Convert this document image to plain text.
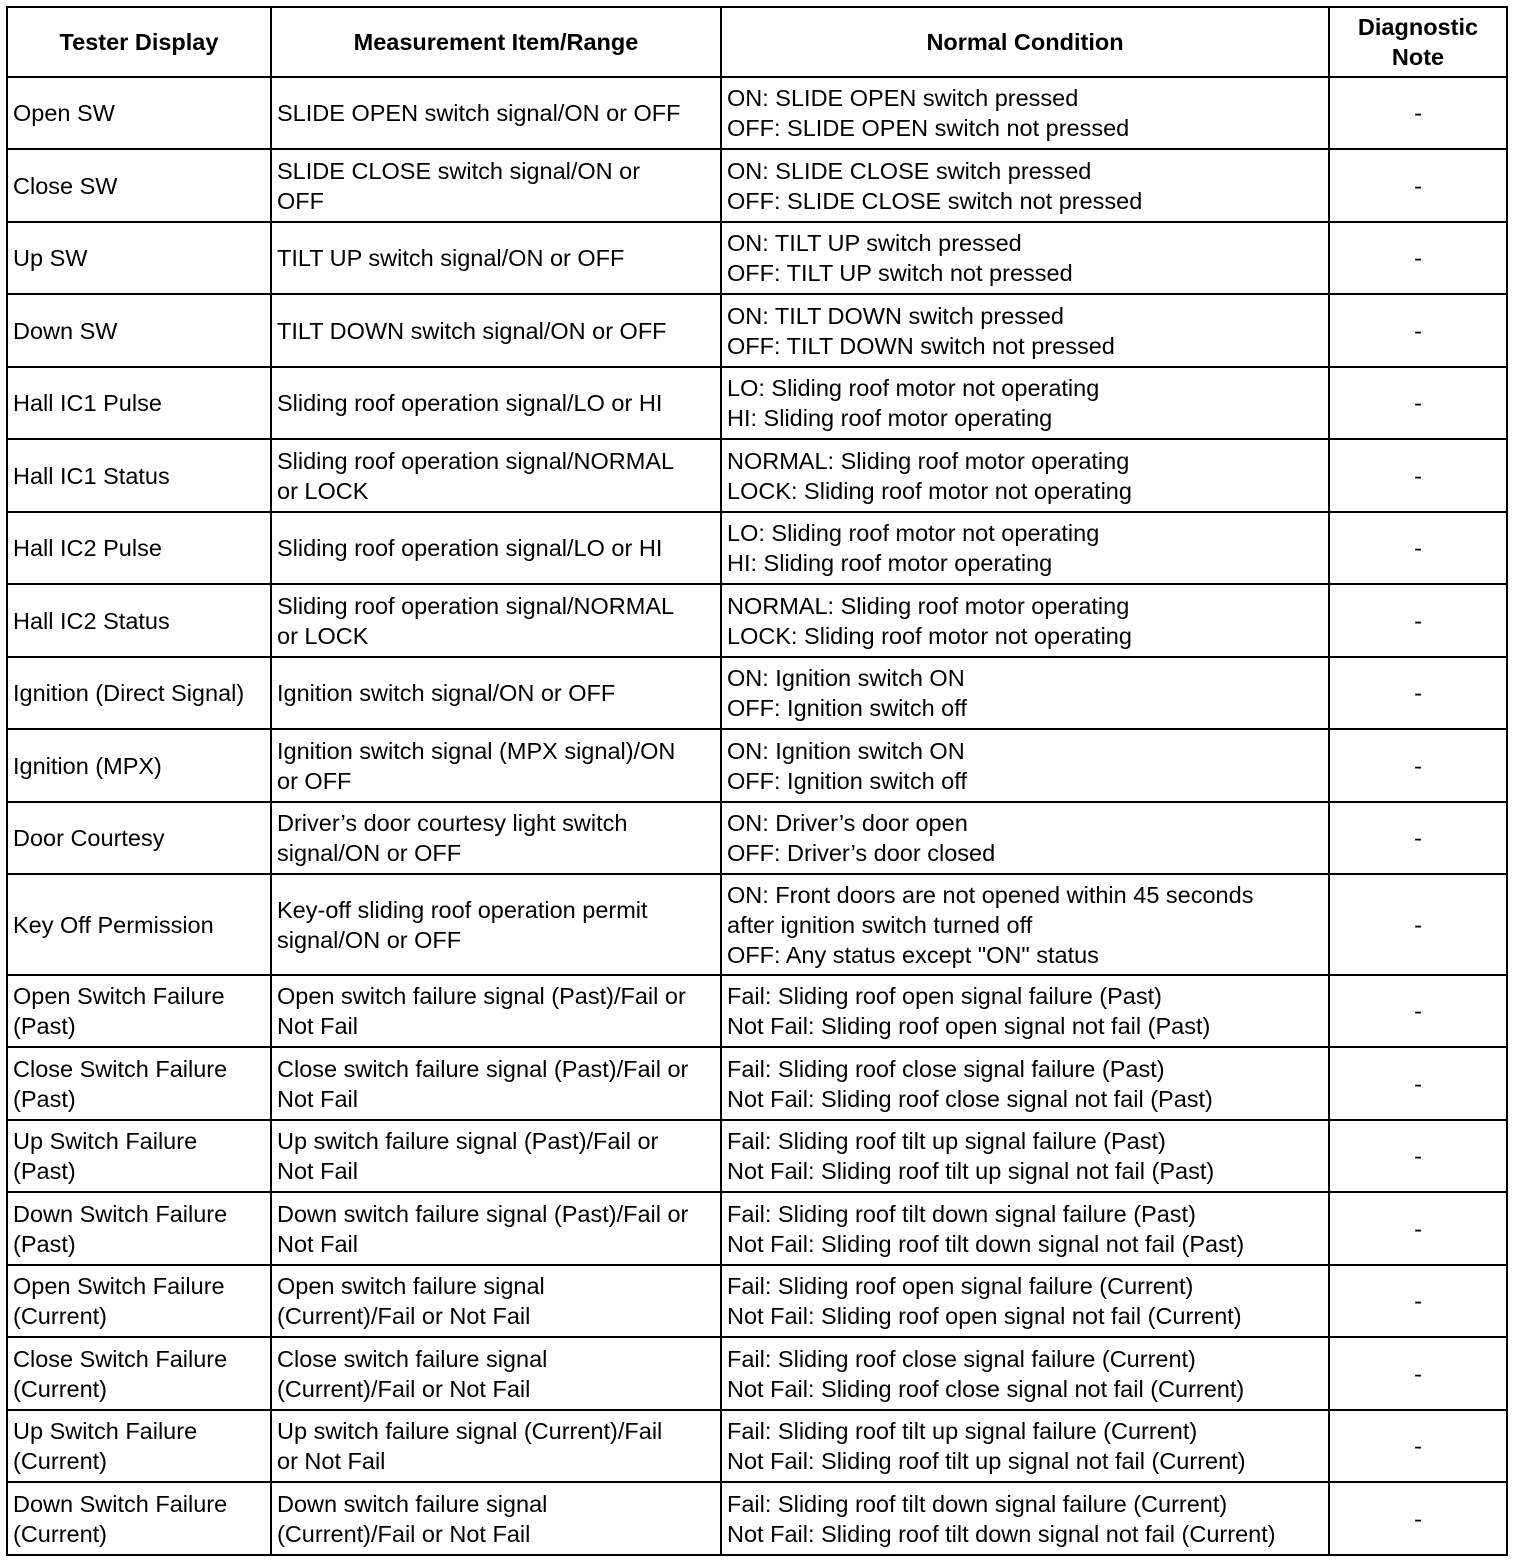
Tester Display	Measurement Item/Range	Normal Condition	Diagnostic
Note

Open SW	SLIDE OPEN switch signal/ON or OFF	ON: SLIDE OPEN switch pressed
OFF: SLIDE OPEN switch not pressed	-

Close SW	SLIDE CLOSE switch signal/ON or
OFF	ON: SLIDE CLOSE switch pressed
OFF: SLIDE CLOSE switch not pressed	-

Up SW	TILT UP switch signal/ON or OFF	ON: TILT UP switch pressed
OFF: TILT UP switch not pressed	-

Down SW	TILT DOWN switch signal/ON or OFF	ON: TILT DOWN switch pressed
OFF: TILT DOWN switch not pressed	-

Hall IC1 Pulse	Sliding roof operation signal/LO or HI	LO: Sliding roof motor not operating
HI: Sliding roof motor operating	-

Hall IC1 Status	Sliding roof operation signal/NORMAL
or LOCK	NORMAL: Sliding roof motor operating
LOCK: Sliding roof motor not operating	-

Hall IC2 Pulse	Sliding roof operation signal/LO or HI	LO: Sliding roof motor not operating
HI: Sliding roof motor operating	-

Hall IC2 Status	Sliding roof operation signal/NORMAL
or LOCK	NORMAL: Sliding roof motor operating
LOCK: Sliding roof motor not operating	-

Ignition (Direct Signal)	Ignition switch signal/ON or OFF	ON: Ignition switch ON
OFF: Ignition switch off	-

Ignition (MPX)	Ignition switch signal (MPX signal)/ON
or OFF	ON: Ignition switch ON
OFF: Ignition switch off	-

Door Courtesy	Driver’s door courtesy light switch
signal/ON or OFF	ON: Driver’s door open
OFF: Driver’s door closed	-

Key Off Permission	Key-off sliding roof operation permit
signal/ON or OFF	ON: Front doors are not opened within 45 seconds
after ignition switch turned off
OFF: Any status except "ON" status	-

Open Switch Failure
(Past)	Open switch failure signal (Past)/Fail or
Not Fail	Fail: Sliding roof open signal failure (Past)
Not Fail: Sliding roof open signal not fail (Past)	-

Close Switch Failure
(Past)	Close switch failure signal (Past)/Fail or
Not Fail	Fail: Sliding roof close signal failure (Past)
Not Fail: Sliding roof close signal not fail (Past)	-

Up Switch Failure
(Past)	Up switch failure signal (Past)/Fail or
Not Fail	Fail: Sliding roof tilt up signal failure (Past)
Not Fail: Sliding roof tilt up signal not fail (Past)	-

Down Switch Failure
(Past)	Down switch failure signal (Past)/Fail or
Not Fail	Fail: Sliding roof tilt down signal failure (Past)
Not Fail: Sliding roof tilt down signal not fail (Past)	-

Open Switch Failure
(Current)	Open switch failure signal
(Current)/Fail or Not Fail	Fail: Sliding roof open signal failure (Current)
Not Fail: Sliding roof open signal not fail (Current)	-

Close Switch Failure
(Current)	Close switch failure signal
(Current)/Fail or Not Fail	Fail: Sliding roof close signal failure (Current)
Not Fail: Sliding roof close signal not fail (Current)	-

Up Switch Failure
(Current)	Up switch failure signal (Current)/Fail
or Not Fail	Fail: Sliding roof tilt up signal failure (Current)
Not Fail: Sliding roof tilt up signal not fail (Current)	-

Down Switch Failure
(Current)	Down switch failure signal
(Current)/Fail or Not Fail	Fail: Sliding roof tilt down signal failure (Current)
Not Fail: Sliding roof tilt down signal not fail (Current)	-
